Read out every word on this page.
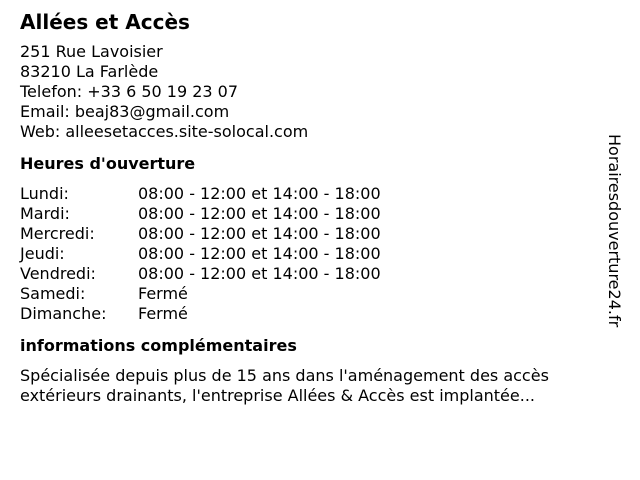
Allées et Accès
251 Rue Lavoisier
83210 La Farlède
Telefon: +33 6 50 19 23 07
Email: beaj83@gmail.com
Web: alleesetacces.site-solocal.com
Heures d'ouverture
Lundi:	08:00 - 12:00 et 14:00 - 18:00
Mardi:	08:00 - 12:00 et 14:00 - 18:00
Mercredi:	08:00 - 12:00 et 14:00 - 18:00
Jeudi:	08:00 - 12:00 et 14:00 - 18:00
Vendredi:	08:00 - 12:00 et 14:00 - 18:00
Samedi:	Fermé
Dimanche:	Fermé
informations complémentaires
Spécialisée depuis plus de 15 ans dans l'aménagement des accès extérieurs drainants, l'entreprise Allées & Accès est implantée...
Horairesdouverture24.fr
